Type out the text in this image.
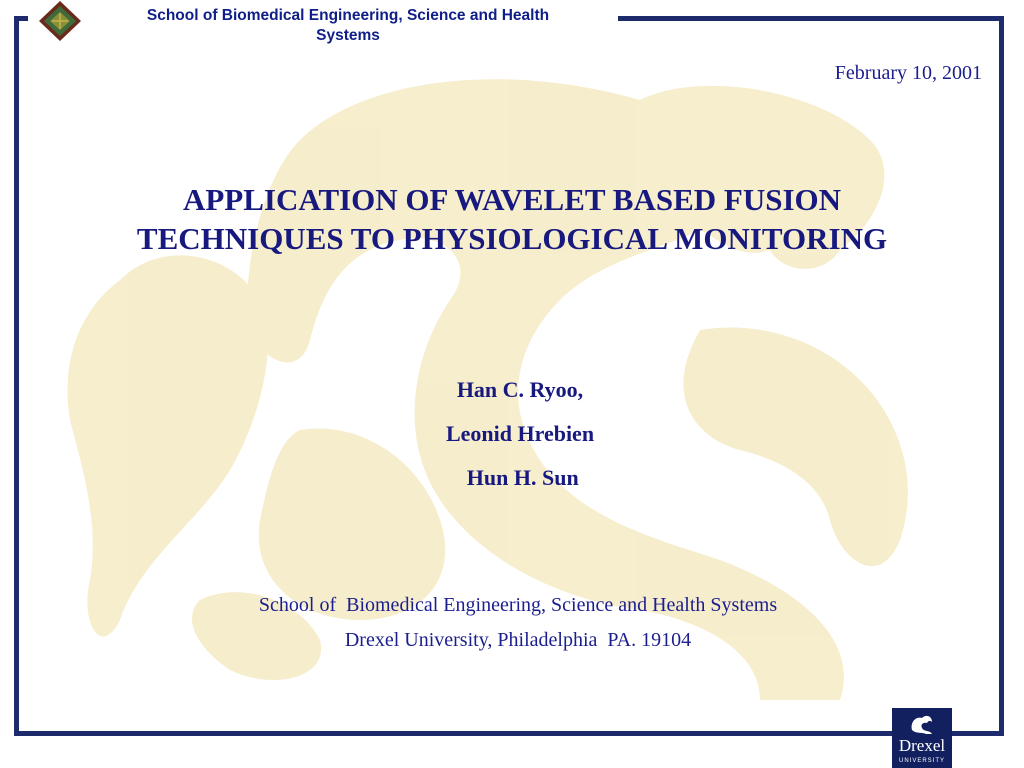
School of Biomedical Engineering, Science and Health
Systems
February 10, 2001
APPLICATION OF WAVELET BASED FUSION
TECHNIQUES TO PHYSIOLOGICAL MONITORING
Han C. Ryoo,
Leonid Hrebien
Hun H. Sun
School of  Biomedical Engineering, Science and Health Systems
Drexel University, Philadelphia  PA. 19104
Drexel
UNIVERSITY
